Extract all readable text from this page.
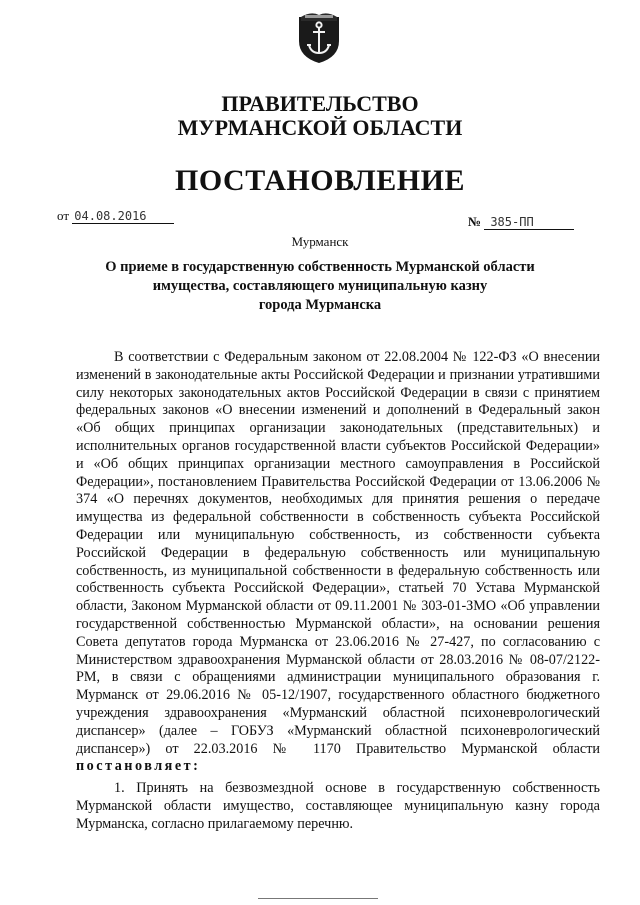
ПРАВИТЕЛЬСТВО
МУРМАНСКОЙ ОБЛАСТИ
ПОСТАНОВЛЕНИЕ
от 04.08.2016	№ 385-ПП
Мурманск
О приеме в государственную собственность Мурманской области
имущества, составляющего муниципальную казну
города Мурманска
В соответствии с Федеральным законом от 22.08.2004 № 122-ФЗ «О внесении изменений в законодательные акты Российской Федерации и признании утратившими силу некоторых законодательных актов Российской Федерации в связи с принятием федеральных законов «О внесении изменений и дополнений в Федеральный закон «Об общих принципах организации законодательных (представительных) и исполнительных органов государственной власти субъектов Российской Федерации» и «Об общих принципах организации местного самоуправления в Российской Федерации», постановлением Правительства Российской Федерации от 13.06.2006 № 374 «О перечнях документов, необходимых для принятия решения о передаче имущества из федеральной собственности в собственность субъекта Российской Федерации или муниципальную собственность, из собственности субъекта Российской Федерации в федеральную собственность или муниципальную собственность, из муниципальной собственности в федеральную собственность или собственность субъекта Российской Федерации», статьей 70 Устава Мурманской области, Законом Мурманской области от 09.11.2001 № 303-01-ЗМО «Об управлении государственной собственностью Мурманской области», на основании решения Совета депутатов города Мурманска от 23.06.2016 № 27-427, по согласованию с Министерством здравоохранения Мурманской области от 28.03.2016 № 08-07/2122-РМ, в связи с обращениями администрации муниципального образования г. Мурманск от 29.06.2016 № 05-12/1907, государственного областного бюджетного учреждения здравоохранения «Мурманский областной психоневрологический диспансер» (далее – ГОБУЗ «Мурманский областной психоневрологический диспансер») от 22.03.2016 № 1170 Правительство Мурманской области постановляет:
1. Принять на безвозмездной основе в государственную собственность Мурманской области имущество, составляющее муниципальную казну города Мурманска, согласно прилагаемому перечню.
